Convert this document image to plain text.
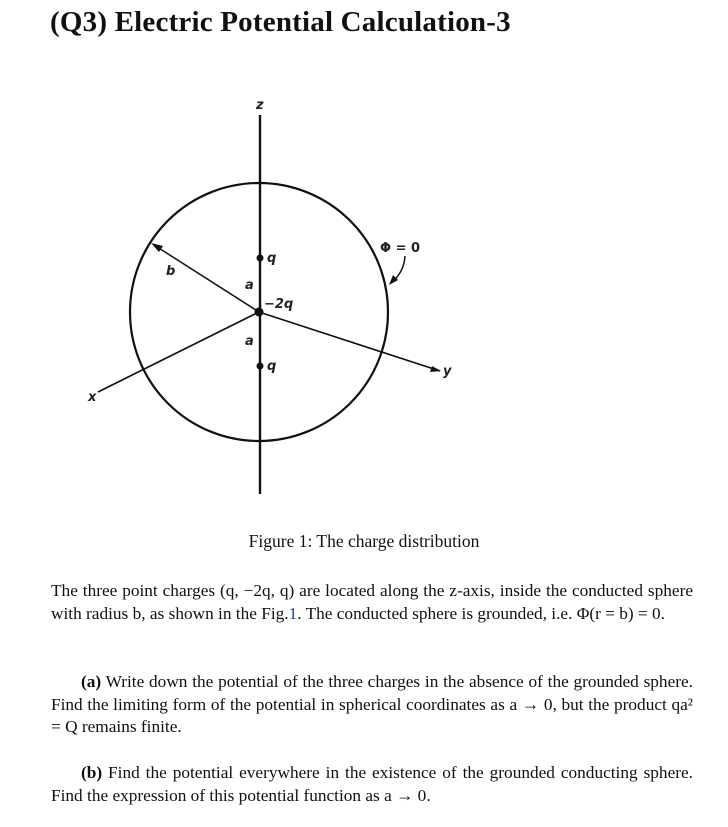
(Q3) Electric Potential Calculation-3
z
x
y
b
a
a
q
−2q
q
Φ = 0
Figure 1: The charge distribution
The three point charges (q, −2q, q) are located along the z-axis, inside the conducted sphere with radius b, as shown in the Fig.1. The conducted sphere is grounded, i.e. Φ(r = b) = 0.
(a) Write down the potential of the three charges in the absence of the grounded sphere. Find the limiting form of the potential in spherical coordinates as a → 0, but the product qa² = Q remains finite.
(b) Find the potential everywhere in the existence of the grounded conducting sphere. Find the expression of this potential function as a → 0.
